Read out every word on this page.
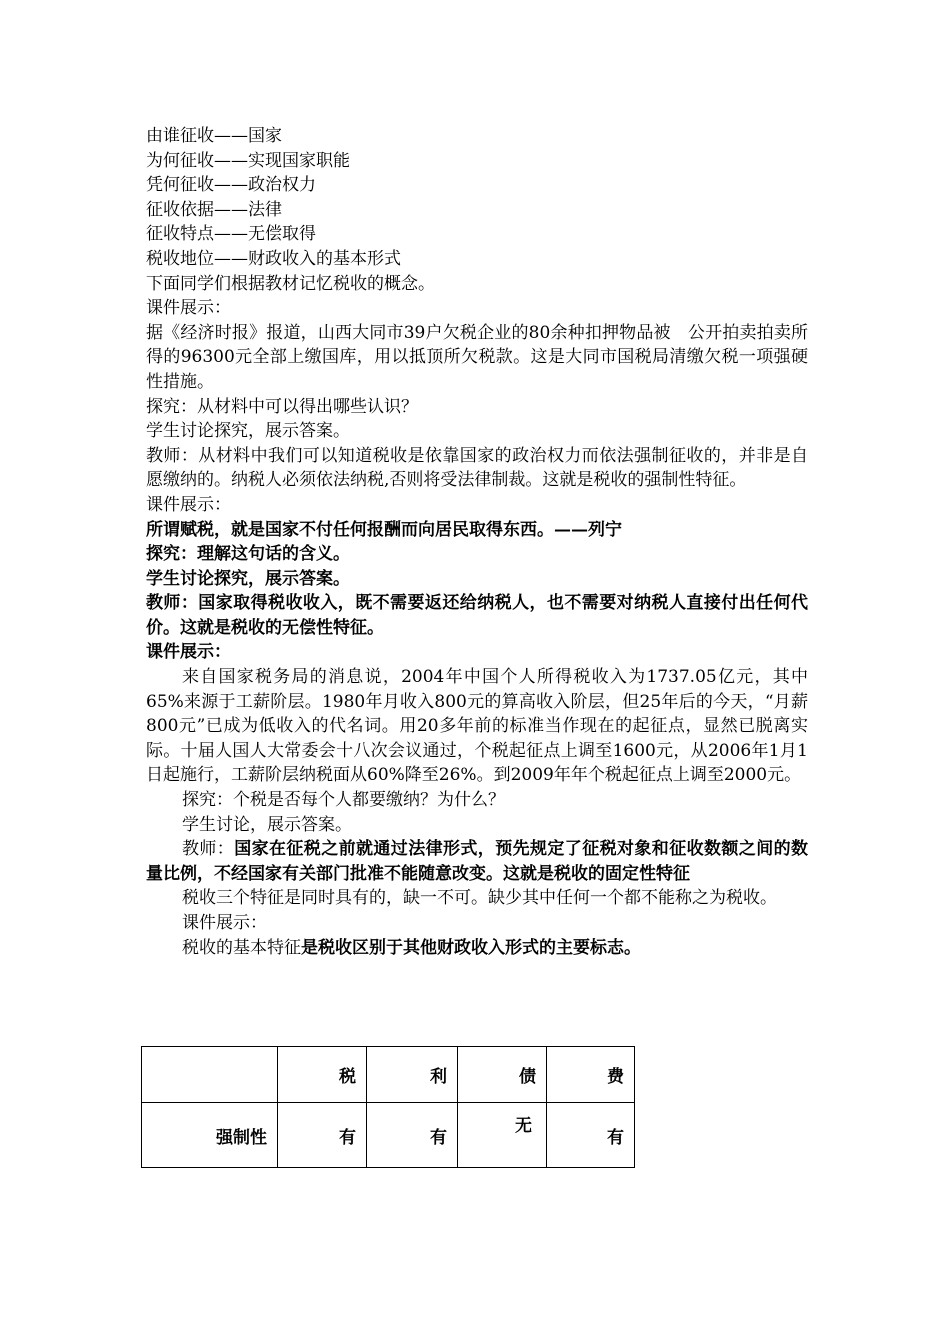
由谁征收——国家
为何征收——实现国家职能
凭何征收——政治权力
征收依据——法律
征收特点——无偿取得
税收地位——财政收入的基本形式
下面同学们根据教材记忆税收的概念。
课件展示：
据《经济时报》报道，山西大同市39户欠税企业的80余种扣押物品被　公开拍卖拍卖所得的96300元全部上缴国库，用以抵顶所欠税款。这是大同市国税局清缴欠税一项强硬性措施。
探究：从材料中可以得出哪些认识？
学生讨论探究，展示答案。
教师：从材料中我们可以知道税收是依靠国家的政治权力而依法强制征收的，并非是自愿缴纳的。纳税人必须依法纳税,否则将受法律制裁。这就是税收的强制性特征。
课件展示：
所谓赋税，就是国家不付任何报酬而向居民取得东西。——列宁
探究：理解这句话的含义。
学生讨论探究，展示答案。
教师：国家取得税收收入，既不需要返还给纳税人，也不需要对纳税人直接付出任何代价。这就是税收的无偿性特征。
课件展示：
来自国家税务局的消息说，2004年中国个人所得税收入为1737.05亿元，其中65%来源于工薪阶层。1980年月收入800元的算高收入阶层，但25年后的今天，“月薪800元”已成为低收入的代名词。用20多年前的标准当作现在的起征点，显然已脱离实际。十届人国人大常委会十八次会议通过，个税起征点上调至1600元，从2006年1月1日起施行，工薪阶层纳税面从60%降至26%。到2009年年个税起征点上调至2000元。
探究：个税是否每个人都要缴纳？为什么？
学生讨论，展示答案。
教师：国家在征税之前就通过法律形式，预先规定了征税对象和征收数额之间的数量比例，不经国家有关部门批准不能随意改变。这就是税收的固定性特征
税收三个特征是同时具有的，缺一不可。缺少其中任何一个都不能称之为税收。
课件展示：
税收的基本特征是税收区别于其他财政收入形式的主要标志。
	税	利	债	费
强制性	有	有	无	有
